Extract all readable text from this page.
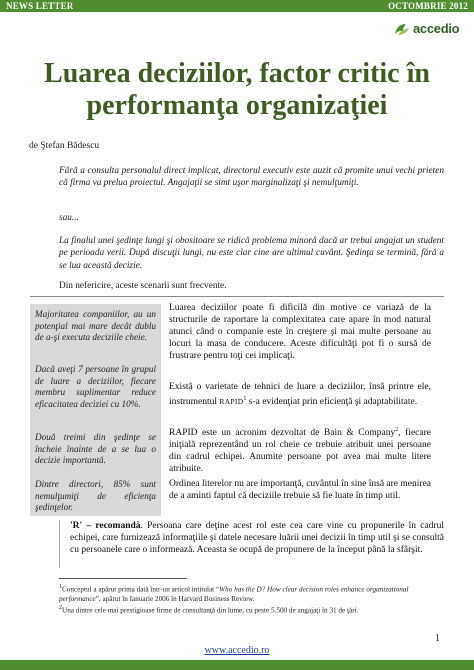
NEWS LETTER	OCTOMBRIE 2012
accedio
Luarea deciziilor, factor critic în
performanţa organizaţiei
de Ştefan Bădescu

Fără a consulta personalul direct implicat, directorul executiv este auzit că promite unui vechi prieten că firma va prelua proiectul. Angajaţii se simt uşor marginalizaţi şi nemulţumiţi.

sau...

La finalul unei şedinţe lungi şi obositoare se ridică problema minoră dacă ar trebui angajat un student pe perioada verii. După discuţii lungi, nu este clar cine are ultimul cuvânt. Şedinţa se termină, fără a se lua această decizie.

Din nefericire, aceste scenarii sunt frecvente.

Majoritatea companiilor, au un potenţial mai mare decât dublu de a-şi executa deciziile cheie.

Dacă aveţi 7 persoane în grupul de luare a deciziilor, fiecare membru suplimentar reduce eficacitatea deciziei cu 10%.

Două treimi din şedinţe se încheie înainte de a se lua o decizie importantă.

Dintre directori, 85% sunt nemulţumiţi de eficienţa şedinţelor.

Luarea deciziilor poate fi dificilă din motive ce variază de la structurile de raportare la complexitatea care apare în mod natural atunci când o companie este în creştere şi mai multe persoane au locuri la masa de conducere. Aceste dificultăţi pot fi o sursă de frustrare pentru toţi cei implicaţi.

Există o varietate de tehnici de luare a deciziilor, însă printre ele, instrumentul RAPID$^1$ s-a evidenţiat prin eficienţă şi adaptabilitate.

RAPID este un acronim dezvoltat de Bain & Company$^2$, fiecare iniţială reprezentând un rol cheie ce trebuie atribuit unei persoane din cadrul echipei. Anumite persoane pot avea mai multe litere atribuite.

Ordinea literelor nu are importanţă, cuvântul în sine însă are menirea de a aminti faptul că deciziile trebuie să fie luate în timp util.

'R' – recomandă. Persoana care deţine acest rol este cea care vine cu propunerile în cadrul echipei, care furnizează informaţiile şi datele necesare luării unei decizii în timp util şi se consultă cu persoanele care o informează. Aceasta se ocupă de propunere de la început până la sfârşit.

$^1$Conceptul a apărut prima dată într-un articol intitulat “Who has the D? How clear decision roles enhance organizational performance”, apărut în Ianuarie 2006 în Harvard Business Review.

$^2$Una dintre cele mai prestigioase firme de consultanţă din lume, cu peste 5.500 de angajaţi în 31 de ţări.

1
www.accedio.ro
